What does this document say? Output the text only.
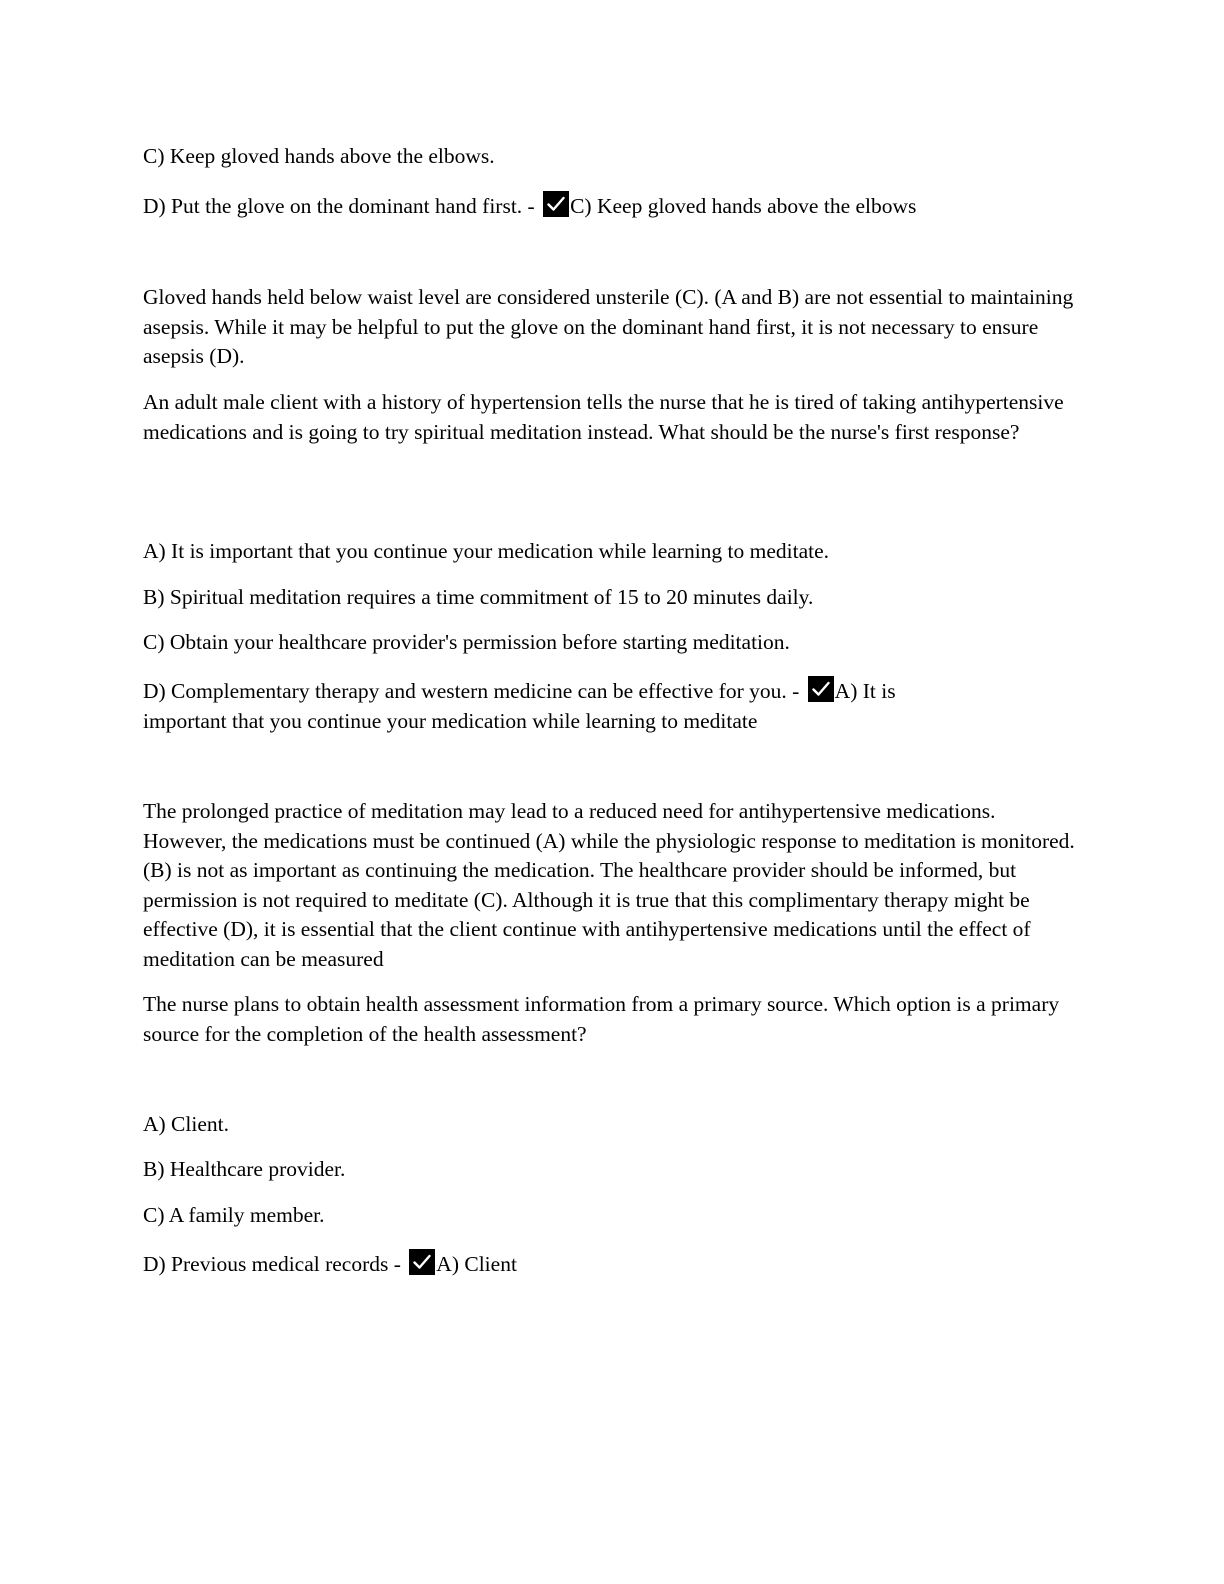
C) Keep gloved hands above the elbows.
D) Put the glove on the dominant hand first. - C) Keep gloved hands above the elbows
Gloved hands held below waist level are considered unsterile (C). (A and B) are not essential to maintaining asepsis. While it may be helpful to put the glove on the dominant hand first, it is not necessary to ensure asepsis (D).
An adult male client with a history of hypertension tells the nurse that he is tired of taking antihypertensive medications and is going to try spiritual meditation instead. What should be the nurse's first response?
A) It is important that you continue your medication while learning to meditate.
B) Spiritual meditation requires a time commitment of 15 to 20 minutes daily.
C) Obtain your healthcare provider's permission before starting meditation.
D) Complementary therapy and western medicine can be effective for you. - A) It is
important that you continue your medication while learning to meditate
The prolonged practice of meditation may lead to a reduced need for antihypertensive medications. However, the medications must be continued (A) while the physiologic response to meditation is monitored. (B) is not as important as continuing the medication. The healthcare provider should be informed, but permission is not required to meditate (C). Although it is true that this complimentary therapy might be effective (D), it is essential that the client continue with antihypertensive medications until the effect of meditation can be measured
The nurse plans to obtain health assessment information from a primary source. Which option is a primary source for the completion of the health assessment?
A) Client.
B) Healthcare provider.
C) A family member.
D) Previous medical records - A) Client
